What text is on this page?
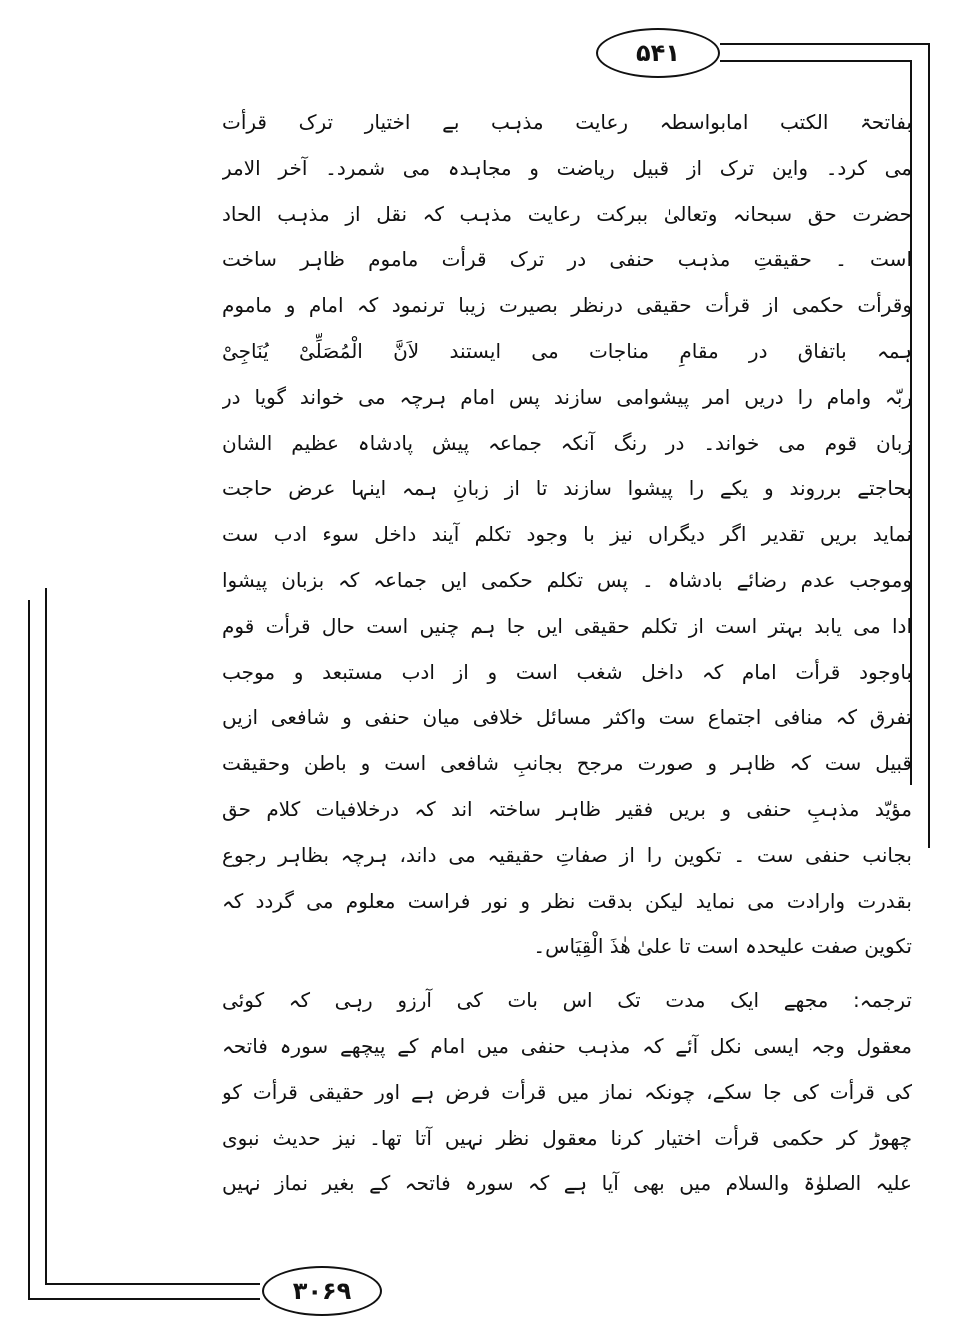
۵۴۱
۳۰۶۹
بفاتحۃ الکتب امابواسطہ رعایت مذہب بے اختیار ترک قرأت
می کرد۔ واین ترک از قبیل ریاضت و مجاہدہ می شمرد۔ آخر الامر
حضرت حق سبحانہ وتعالیٰ ببرکت رعایت مذہب کہ نقل از مذہب الحاد
است ۔ حقیقتِ مذہب حنفی در ترک قرأت ماموم ظاہر ساخت
وقرأت حکمی از قرأت حقیقی درنظر بصیرت زیبا ترنمود کہ امام و ماموم
ہمہ باتفاق در مقامِ مناجات می ایستند لاَنَّ الْمُصَلِّیْ یُنَاجِیْ
ربّہ وامام را دریں امر پیشوامی سازند پس امام ہرچہ می خواند گویا در
زبان قوم می خواند۔ در رنگ آنکہ جماعہ پیش پادشاہ عظیم الشان
بحاجتے برروند و یکے را پیشوا سازند تا از زبانِ ہمہ اینہا عرض حاجت
نماید بریں تقدیر اگر دیگراں نیز با وجود تکلم آیند داخل سوء ادب ست
وموجب عدم رضائے بادشاہ ۔ پس تکلم حکمی ایں جماعہ کہ بزبان پیشوا
ادا می یابد بہتر است از تکلم حقیقی ایں جا ہم چنیں است حال قرأت قوم
باوجود قرأت امام کہ داخل شغب است و از ادب مستبعد و موجب
تفرق کہ منافی اجتماع ست واکثر مسائل خلافی میان حنفی و شافعی ازیں
قبیل ست کہ ظاہر و صورت مرجح بجانبِ شافعی است و باطن وحقیقت
مؤیّد مذہبِ حنفی و بریں فقیر ظاہر ساختہ اند کہ درخلافیات کلام حق
بجانب حنفی ست ۔ تکوین را از صفاتِ حقیقیہ می داند، ہرچہ بظاہر رجوع
بقدرت وارادت می نماید لیکن بدقت نظر و نور فراست معلوم می گردد کہ
تکوین صفت علیحدہ است تا علیٰ ھٰذَ الْقِیَاس۔
ترجمہ: مجھے ایک مدت تک اس بات کی آرزو رہی کہ کوئی
معقول وجہ ایسی نکل آئے کہ مذہب حنفی میں امام کے پیچھے سورہ فاتحہ
کی قرأت کی جا سکے، چونکہ نماز میں قرأت فرض ہے اور حقیقی قرأت کو
چھوڑ کر حکمی قرأت اختیار کرنا معقول نظر نہیں آتا تھا۔ نیز حدیث نبوی
علیہ الصلوٰۃ والسلام میں بھی آیا ہے کہ سورہ فاتحہ کے بغیر نماز نہیں
